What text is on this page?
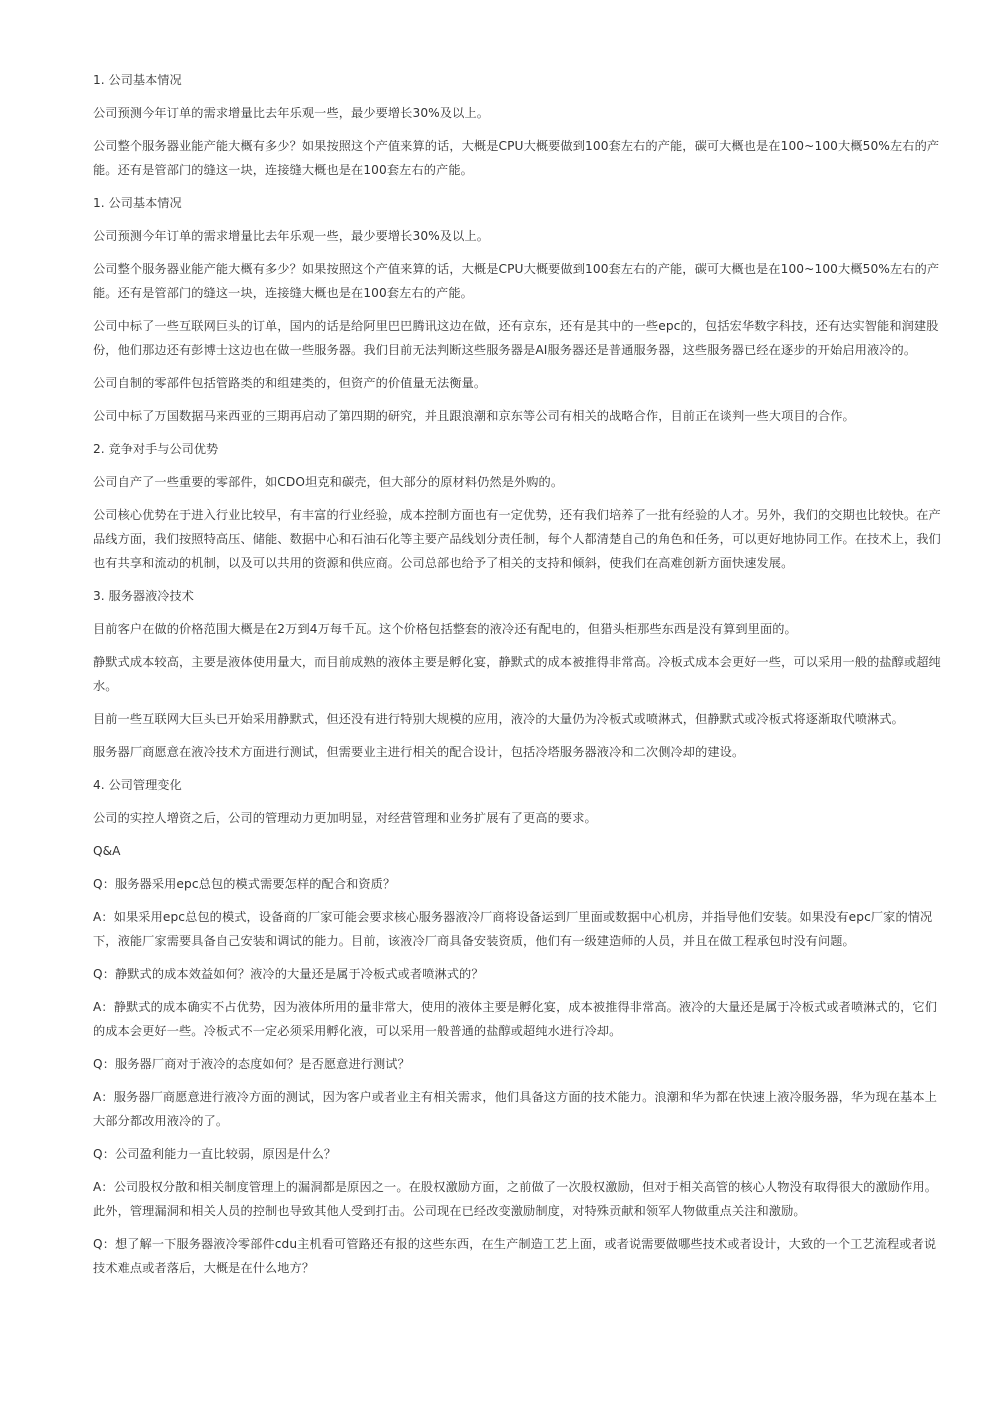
1. 公司基本情况

公司预测今年订单的需求增量比去年乐观一些，最少要增长30%及以上。

公司整个服务器业能产能大概有多少？如果按照这个产值来算的话，大概是CPU大概要做到100套左右的产能，碳可大概也是在100~100大概50%左右的产能。还有是管部门的缝这一块，连接缝大概也是在100套左右的产能。

1. 公司基本情况

公司预测今年订单的需求增量比去年乐观一些，最少要增长30%及以上。

公司整个服务器业能产能大概有多少？如果按照这个产值来算的话，大概是CPU大概要做到100套左右的产能，碳可大概也是在100~100大概50%左右的产能。还有是管部门的缝这一块，连接缝大概也是在100套左右的产能。

公司中标了一些互联网巨头的订单，国内的话是给阿里巴巴腾讯这边在做，还有京东，还有是其中的一些epc的，包括宏华数字科技，还有达实智能和润建股份，他们那边还有彭博士这边也在做一些服务器。我们目前无法判断这些服务器是AI服务器还是普通服务器，这些服务器已经在逐步的开始启用液冷的。

公司自制的零部件包括管路类的和组建类的，但资产的价值量无法衡量。

公司中标了万国数据马来西亚的三期再启动了第四期的研究，并且跟浪潮和京东等公司有相关的战略合作，目前正在谈判一些大项目的合作。

2. 竞争对手与公司优势

公司自产了一些重要的零部件，如CDO坦克和碳壳，但大部分的原材料仍然是外购的。

公司核心优势在于进入行业比较早，有丰富的行业经验，成本控制方面也有一定优势，还有我们培养了一批有经验的人才。另外，我们的交期也比较快。在产品线方面，我们按照特高压、储能、数据中心和石油石化等主要产品线划分责任制，每个人都清楚自己的角色和任务，可以更好地协同工作。在技术上，我们也有共享和流动的机制，以及可以共用的资源和供应商。公司总部也给予了相关的支持和倾斜，使我们在高难创新方面快速发展。

3. 服务器液冷技术

目前客户在做的价格范围大概是在2万到4万每千瓦。这个价格包括整套的液冷还有配电的，但猎头柜那些东西是没有算到里面的。

静默式成本较高，主要是液体使用量大，而目前成熟的液体主要是孵化宴，静默式的成本被推得非常高。冷板式成本会更好一些，可以采用一般的盐醇或超纯水。

目前一些互联网大巨头已开始采用静默式，但还没有进行特别大规模的应用，液冷的大量仍为冷板式或喷淋式，但静默式或冷板式将逐渐取代喷淋式。

服务器厂商愿意在液冷技术方面进行测试，但需要业主进行相关的配合设计，包括冷塔服务器液冷和二次侧冷却的建设。

4. 公司管理变化

公司的实控人增资之后，公司的管理动力更加明显，对经营管理和业务扩展有了更高的要求。

Q&A

Q：服务器采用epc总包的模式需要怎样的配合和资质？

A：如果采用epc总包的模式，设备商的厂家可能会要求核心服务器液冷厂商将设备运到厂里面或数据中心机房，并指导他们安装。如果没有epc厂家的情况下，液能厂家需要具备自己安装和调试的能力。目前，该液冷厂商具备安装资质，他们有一级建造师的人员，并且在做工程承包时没有问题。

Q：静默式的成本效益如何？液冷的大量还是属于冷板式或者喷淋式的？

A：静默式的成本确实不占优势，因为液体所用的量非常大，使用的液体主要是孵化宴，成本被推得非常高。液冷的大量还是属于冷板式或者喷淋式的，它们的成本会更好一些。冷板式不一定必须采用孵化液，可以采用一般普通的盐醇或超纯水进行冷却。

Q：服务器厂商对于液冷的态度如何？是否愿意进行测试？

A：服务器厂商愿意进行液冷方面的测试，因为客户或者业主有相关需求，他们具备这方面的技术能力。浪潮和华为都在快速上液冷服务器，华为现在基本上大部分都改用液冷的了。

Q：公司盈利能力一直比较弱，原因是什么？

A：公司股权分散和相关制度管理上的漏洞都是原因之一。在股权激励方面，之前做了一次股权激励，但对于相关高管的核心人物没有取得很大的激励作用。此外，管理漏洞和相关人员的控制也导致其他人受到打击。公司现在已经改变激励制度，对特殊贡献和领军人物做重点关注和激励。

Q：想了解一下服务器液冷零部件cdu主机看可管路还有报的这些东西，在生产制造工艺上面，或者说需要做哪些技术或者设计，大致的一个工艺流程或者说技术难点或者落后，大概是在什么地方？
